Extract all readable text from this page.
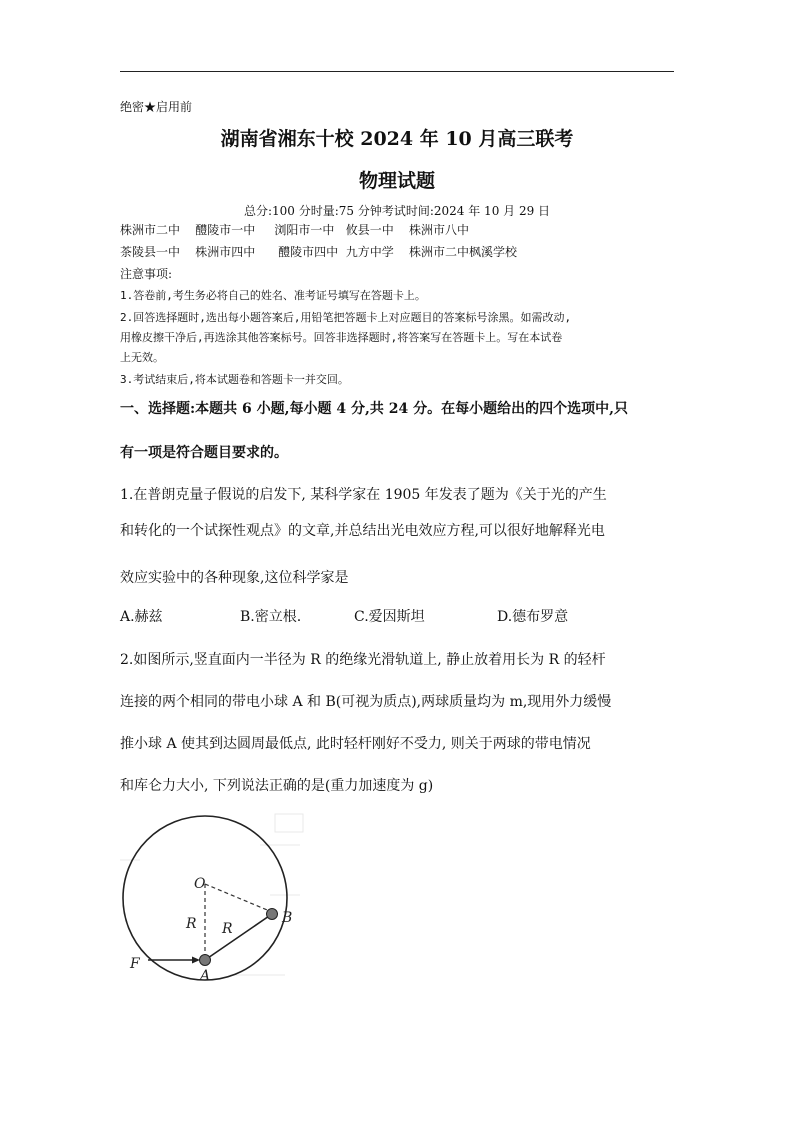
绝密★启用前
湖南省湘东十校 2024 年 10 月高三联考
物理试题
总分:100 分时量:75 分钟考试时间:2024 年 10 月 29 日
株洲市二中    醴陵市一中     浏阳市一中   攸县一中    株洲市八中
茶陵县一中    株洲市四中      醴陵市四中  九方中学    株洲市二中枫溪学校
注意事项:
1.答卷前,考生务必将自己的姓名、准考证号填写在答题卡上。
2.回答选择题时,选出每小题答案后,用铅笔把答题卡上对应题目的答案标号涂黑。如需改动,
用橡皮擦干净后,再选涂其他答案标号。回答非选择题时,将答案写在答题卡上。写在本试卷
上无效。
3.考试结束后,将本试题卷和答题卡一并交回。
一、选择题:本题共 6 小题,每小题 4 分,共 24 分。在每小题给出的四个选项中,只
有一项是符合题目要求的。
1.在普朗克量子假说的启发下, 某科学家在 1905 年发表了题为《关于光的产生
和转化的一个试探性观点》的文章,并总结出光电效应方程,可以很好地解释光电
效应实验中的各种现象,这位科学家是
A.赫兹	B.密立根.	C.爱因斯坦	D.德布罗意
2.如图所示,竖直面内一半径为 R 的绝缘光滑轨道上, 静止放着用长为 R 的轻杆
连接的两个相同的带电小球 A 和 B(可视为质点),两球质量均为 m,现用外力缓慢
推小球 A 使其到达圆周最低点, 此时轻杆刚好不受力, 则关于两球的带电情况
和库仑力大小, 下列说法正确的是(重力加速度为 g)
O
R R
B
A
F
